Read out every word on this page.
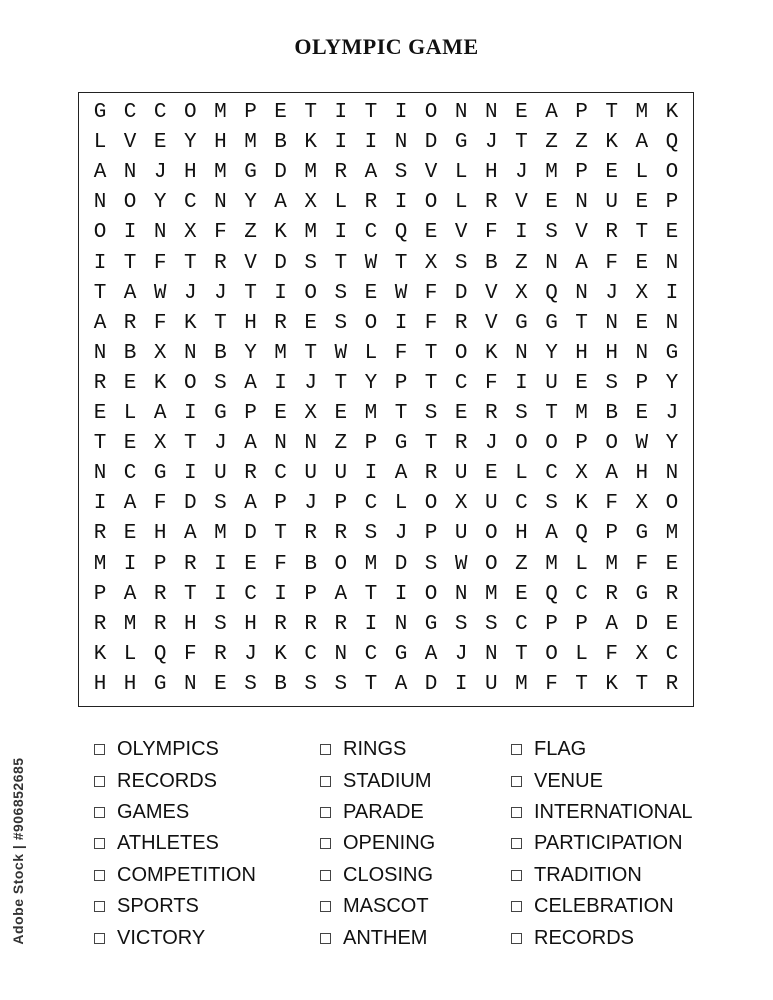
OLYMPIC GAME
G C C O M P E T I T I O N N E A P T M K
L V E Y H M B K I I N D G J T Z Z K A Q
A N J H M G D M R A S V L H J M P E L O
N O Y C N Y A X L R I O L R V E N U E P
O I N X F Z K M I C Q E V F I S V R T E
I T F T R V D S T W T X S B Z N A F E N
T A W J J T I O S E W F D V X Q N J X I
A R F K T H R E S O I F R V G G T N E N
N B X N B Y M T W L F T O K N Y H H N G
R E K O S A I J T Y P T C F I U E S P Y
E L A I G P E X E M T S E R S T M B E J
T E X T J A N N Z P G T R J O O P O W Y
N C G I U R C U U I A R U E L C X A H N
I A F D S A P J P C L O X U C S K F X O
R E H A M D T R R S J P U O H A Q P G M
M I P R I E F B O M D S W O Z M L M F E
P A R T I C I P A T I O N M E Q C R G R
R M R H S H R R R I N G S S C P P A D E
K L Q F R J K C N C G A J N T O L F X C
H H G N E S B S S T A D I U M F T K T R
OLYMPICS
RECORDS
GAMES
ATHLETES
COMPETITION
SPORTS
VICTORY
RINGS
STADIUM
PARADE
OPENING
CLOSING
MASCOT
ANTHEM
FLAG
VENUE
INTERNATIONAL
PARTICIPATION
TRADITION
CELEBRATION
RECORDS
Adobe Stock | #906852685
